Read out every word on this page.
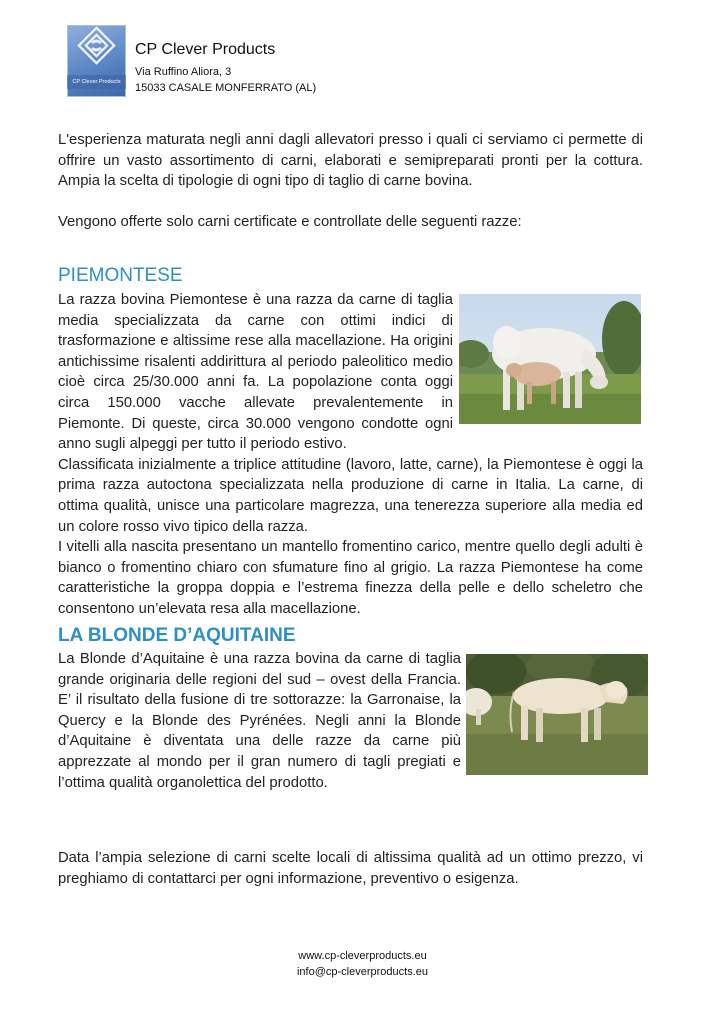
CP Clever Products
CP Clever Products
Via Ruffino Aliora, 3
15033 CASALE MONFERRATO (AL)

L'esperienza maturata negli anni dagli allevatori presso i quali ci serviamo ci permette di offrire un vasto assortimento di carni, elaborati e semipreparati pronti per la cottura. Ampia la scelta di tipologie di ogni tipo di taglio di carne bovina.

Vengono offerte solo carni certificate e controllate delle seguenti razze:

PIEMONTESE
La razza bovina Piemontese è una razza da carne di taglia media specializzata da carne con ottimi indici di trasformazione e altissime rese alla macellazione. Ha origini antichissime risalenti addirittura al periodo paleolitico medio cioè circa 25/30.000 anni fa. La popolazione conta oggi circa 150.000 vacche allevate prevalentemente in Piemonte. Di queste, circa 30.000 vengono condotte ogni anno sugli alpeggi per tutto il periodo estivo.
Classificata inizialmente a triplice attitudine (lavoro, latte, carne), la Piemontese è oggi la prima razza autoctona specializzata nella produzione di carne in Italia. La carne, di ottima qualità, unisce una particolare magrezza, una tenerezza superiore alla media ed un colore rosso vivo tipico della razza.
I vitelli alla nascita presentano un mantello fromentino carico, mentre quello degli adulti è bianco o fromentino chiaro con sfumature fino al grigio. La razza Piemontese ha come caratteristiche la groppa doppia e l’estrema finezza della pelle e dello scheletro che consentono un’elevata resa alla macellazione.
LA BLONDE D’AQUITAINE
La Blonde d’Aquitaine è una razza bovina da carne di taglia grande originaria delle regioni del sud – ovest della Francia. E’ il risultato della fusione di tre sottorazze: la Garronaise, la Quercy e la Blonde des Pyrénées. Negli anni la Blonde d’Aquitaine è diventata una delle razze da carne più apprezzate al mondo per il gran numero di tagli pregiati e l’ottima qualità organolettica del prodotto.

Data l’ampia selezione di carni scelte locali di altissima qualità ad un ottimo prezzo, vi preghiamo di contattarci per ogni informazione, preventivo o esigenza.

www.cp-cleverproducts.eu
info@cp-cleverproducts.eu
